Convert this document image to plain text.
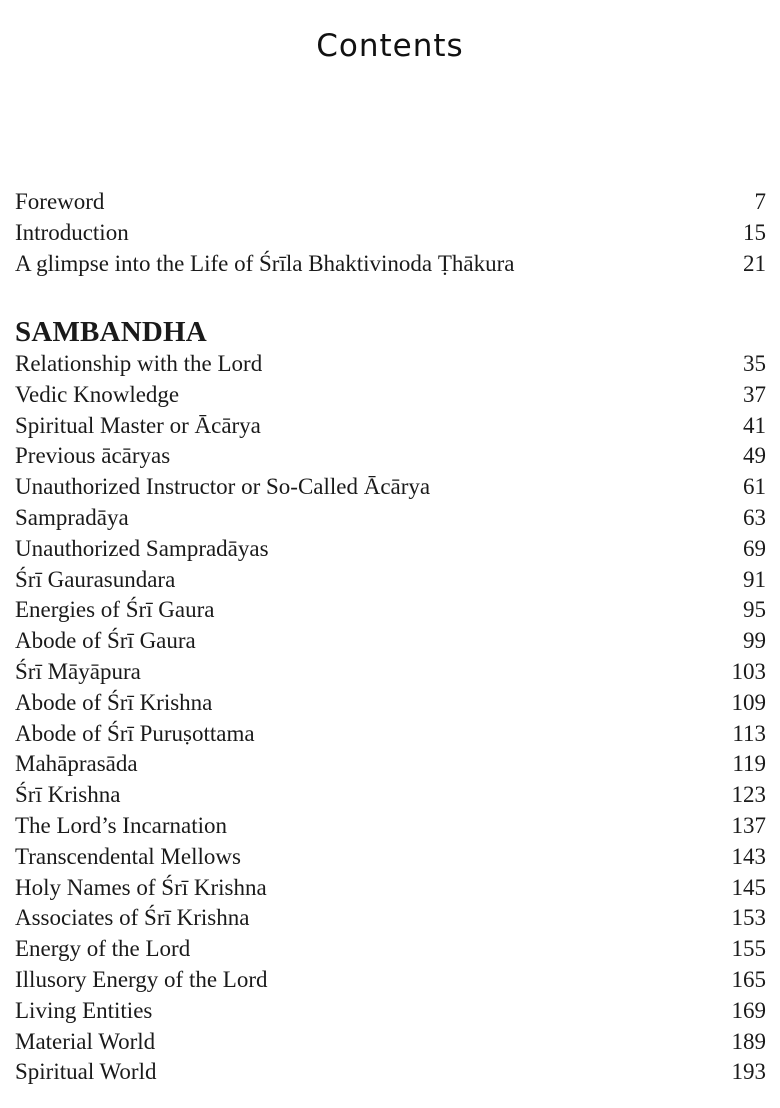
Contents
Foreword	7
Introduction	15
A glimpse into the Life of Śrīla Bhaktivinoda Ṭhākura	21
SAMBANDHA
Relationship with the Lord	35
Vedic Knowledge	37
Spiritual Master or Ācārya	41
Previous ācāryas	49
Unauthorized Instructor or So-Called Ācārya	61
Sampradāya	63
Unauthorized Sampradāyas	69
Śrī Gaurasundara	91
Energies of Śrī Gaura	95
Abode of Śrī Gaura	99
Śrī Māyāpura	103
Abode of Śrī Krishna	109
Abode of Śrī Puruṣottama	113
Mahāprasāda	119
Śrī Krishna	123
The Lord’s Incarnation	137
Transcendental Mellows	143
Holy Names of Śrī Krishna	145
Associates of Śrī Krishna	153
Energy of the Lord	155
Illusory Energy of the Lord	165
Living Entities	169
Material World	189
Spiritual World	193
